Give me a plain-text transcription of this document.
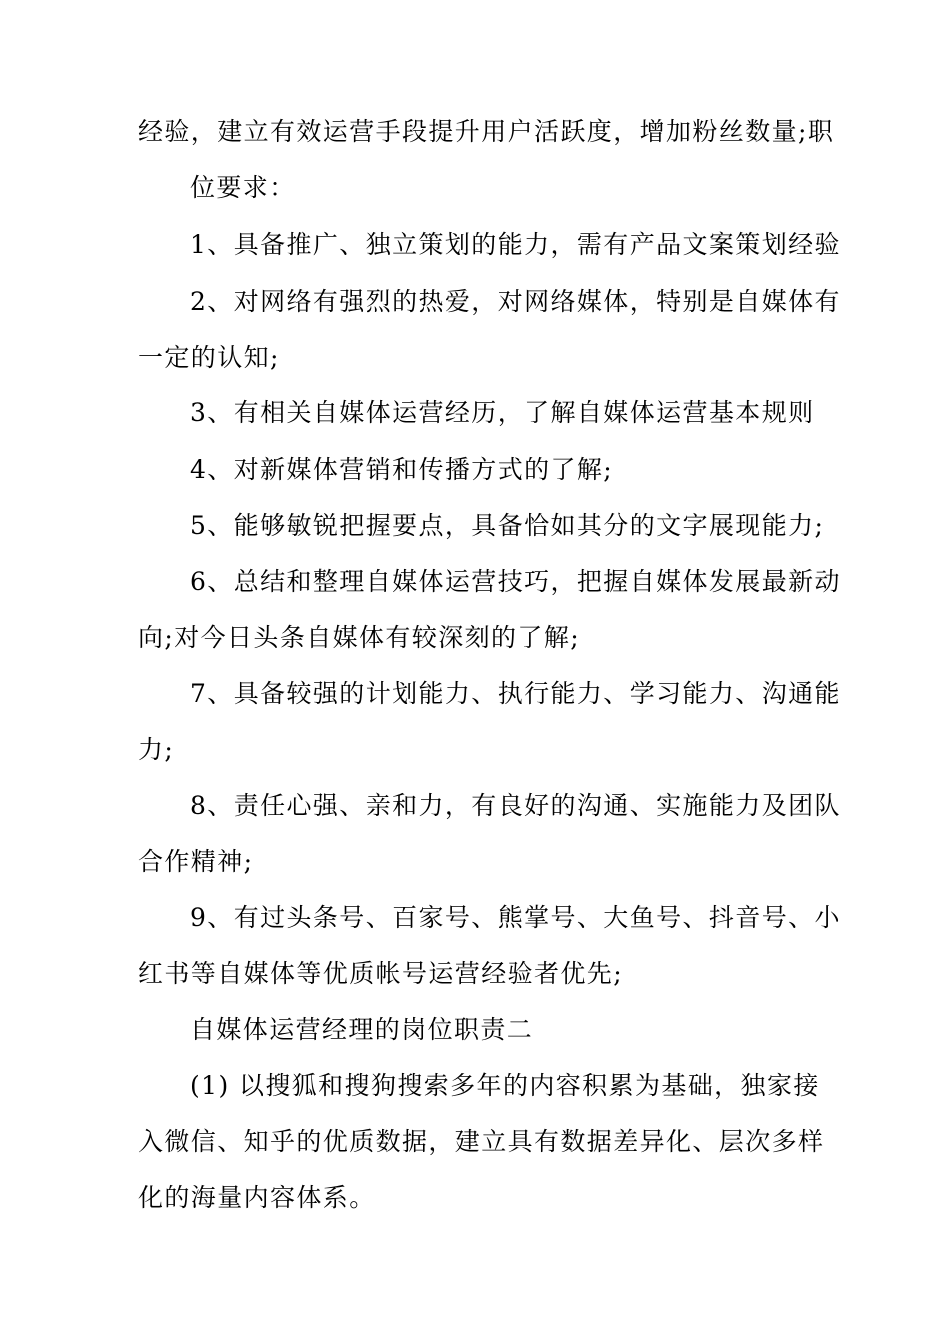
经验，建立有效运营手段提升用户活跃度，增加粉丝数量;职
位要求：
1、具备推广、独立策划的能力，需有产品文案策划经验
2、对网络有强烈的热爱，对网络媒体，特别是自媒体有
一定的认知;
3、有相关自媒体运营经历，了解自媒体运营基本规则
4、对新媒体营销和传播方式的了解;
5、能够敏锐把握要点，具备恰如其分的文字展现能力;
6、总结和整理自媒体运营技巧，把握自媒体发展最新动
向;对今日头条自媒体有较深刻的了解;
7、具备较强的计划能力、执行能力、学习能力、沟通能
力;
8、责任心强、亲和力，有良好的沟通、实施能力及团队
合作精神;
9、有过头条号、百家号、熊掌号、大鱼号、抖音号、小
红书等自媒体等优质帐号运营经验者优先;
自媒体运营经理的岗位职责二
(1) 以搜狐和搜狗搜索多年的内容积累为基础，独家接
入微信、知乎的优质数据，建立具有数据差异化、层次多样
化的海量内容体系。
